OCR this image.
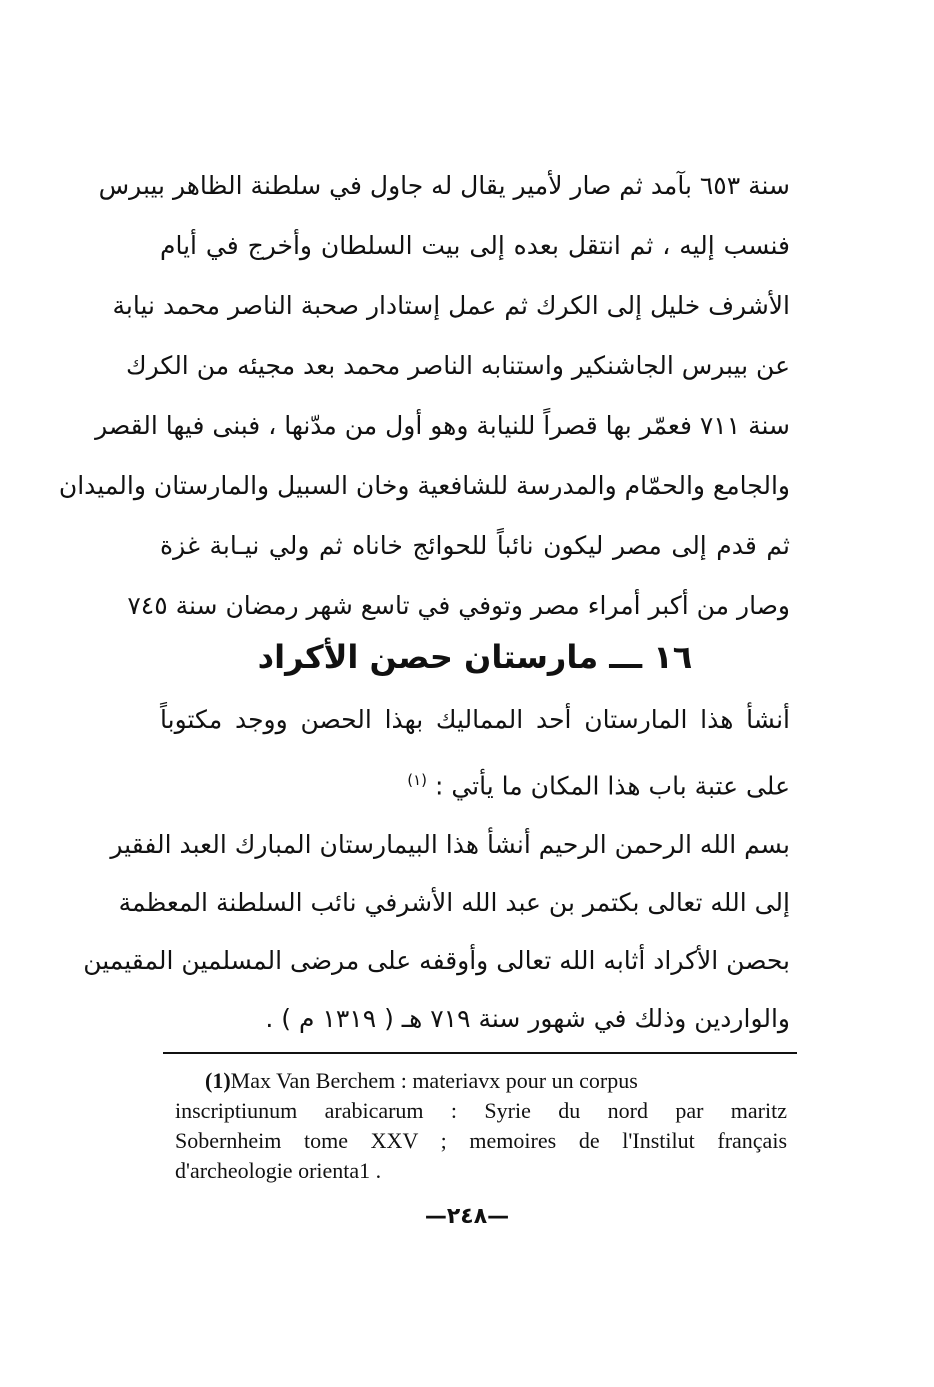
سنة ٦٥٣ بآمد ثم صار لأمير يقال له جاول في سلطنة الظاهر بيبرس
فنسب إليه ، ثم انتقل بعده إلى بيت السلطان وأخرج في أيام
الأشرف خليل إلى الكرك ثم عمل إستادار صحبة الناصر محمد نيابة
عن بيبرس الجاشنكير واستنابه الناصر محمد بعد مجيئه من الكرك
سنة ٧١١ فعمّر بها قصراً للنيابة وهو أول من مدّنها ، فبنى فيها القصر
والجامع والحمّام والمدرسة للشافعية وخان السبيل والمارستان والميدان
ثم قدم إلى مصر ليكون نائباً للحوائج خاناه ثم ولي نيـابة غزة
وصار من أكبر أمراء مصر وتوفي في تاسع شهر رمضان سنة ٧٤٥
١٦ ـــ مارستان حصن الأكراد
أنشأ هذا المارستان أحد المماليك بهذا الحصن ووجد مكتوباً
على عتبة باب هذا المكان ما يأتي : $^{(١)}$
بسم الله الرحمن الرحيم أنشأ هذا البيمارستان المبارك العبد الفقير
إلى الله تعالى بكتمر بن عبد الله الأشرفي نائب السلطنة المعظمة
بحصن الأكراد أثابه الله تعالى وأوقفه على مرضى المسلمين المقيمين
والواردين وذلك في شهور سنة ٧١٩ هـ ( ١٣١٩ م ) .
(1)Max Van Berchem : materiavx pour un corpus
inscriptiunum arabicarum : Syrie du nord par maritz
Sobernheim tome XXV ; memoires de l'Instilut français
d'archeologie orienta1 .
—٢٤٨—
